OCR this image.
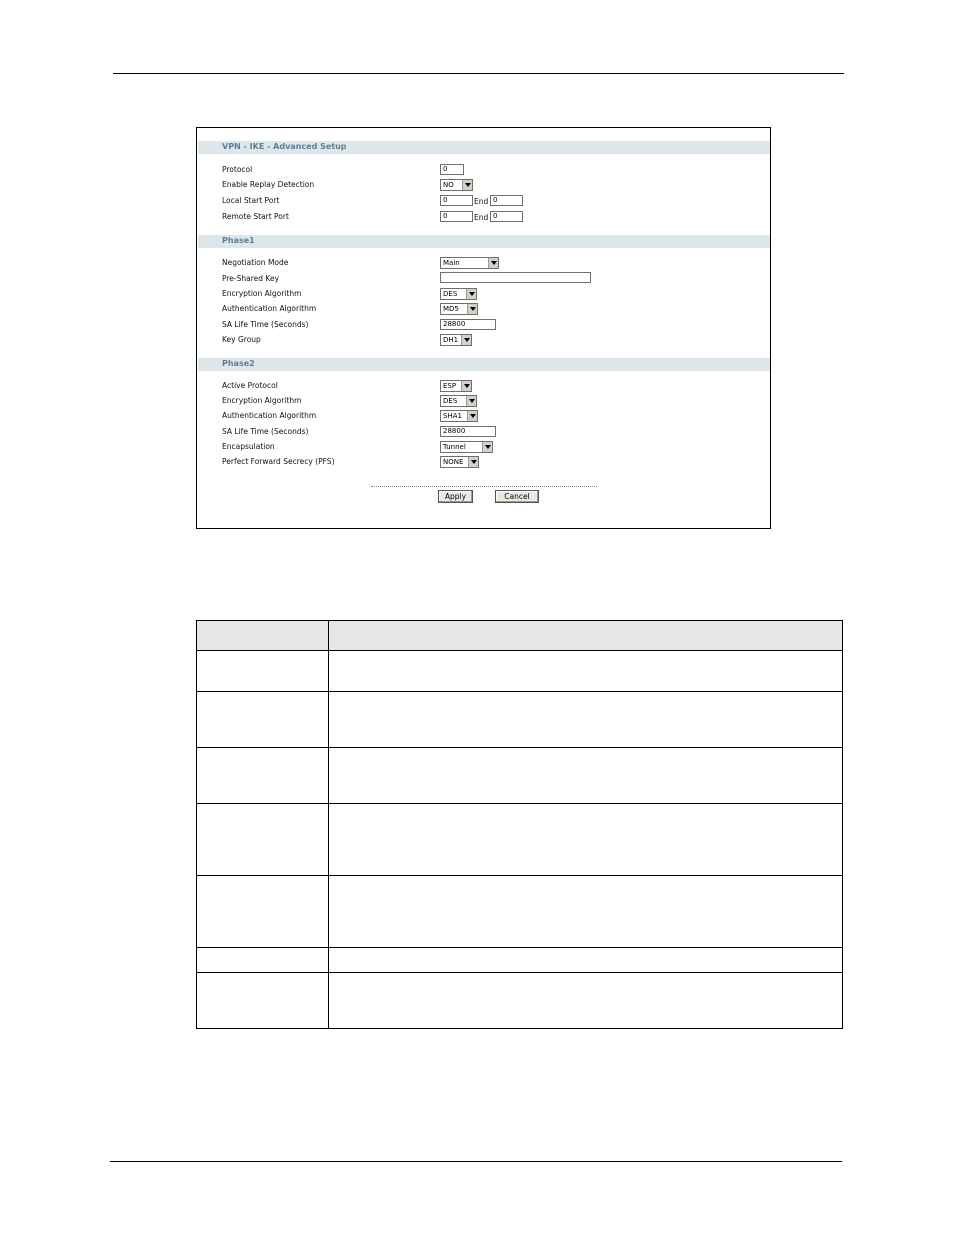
VPN - IKE - Advanced Setup
Protocol	0
Enable Replay Detection	NO
Local Start Port	0	End 0
Remote Start Port	0	End 0
Phase1
Negotiation Mode	Main
Pre-Shared Key
Encryption Algorithm	DES
Authentication Algorithm	MD5
SA Life Time (Seconds)	28800
Key Group	DH1
Phase2
Active Protocol	ESP
Encryption Algorithm	DES
Authentication Algorithm	SHA1
SA Life Time (Seconds)	28800
Encapsulation	Tunnel
Perfect Forward Secrecy (PFS)	NONE
Apply	Cancel
